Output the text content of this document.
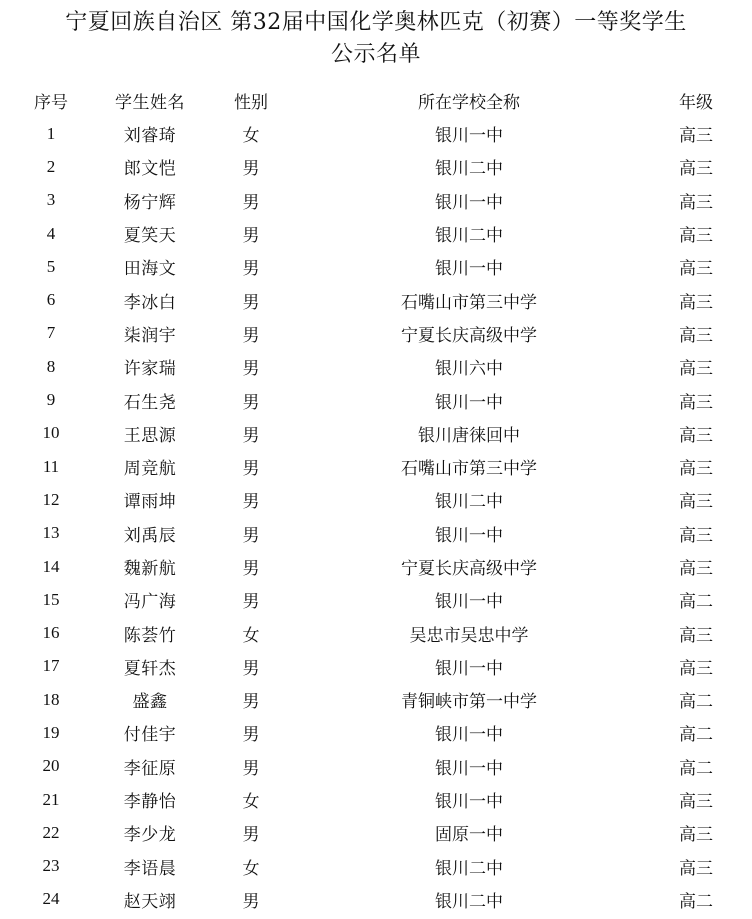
宁夏回族自治区 第32届中国化学奥林匹克（初赛）一等奖学生
公示名单
序号	学生姓名	性别	所在学校全称	年级
1	刘睿琦	女	银川一中	高三
2	郎文恺	男	银川二中	高三
3	杨宁辉	男	银川一中	高三
4	夏笑天	男	银川二中	高三
5	田海文	男	银川一中	高三
6	李冰白	男	石嘴山市第三中学	高三
7	柒润宇	男	宁夏长庆高级中学	高三
8	许家瑞	男	银川六中	高三
9	石生尧	男	银川一中	高三
10	王思源	男	银川唐徕回中	高三
11	周竞航	男	石嘴山市第三中学	高三
12	谭雨坤	男	银川二中	高三
13	刘禹辰	男	银川一中	高三
14	魏新航	男	宁夏长庆高级中学	高三
15	冯广海	男	银川一中	高二
16	陈荟竹	女	吴忠市吴忠中学	高三
17	夏轩杰	男	银川一中	高三
18	盛鑫	男	青铜峡市第一中学	高二
19	付佳宇	男	银川一中	高二
20	李征原	男	银川一中	高二
21	李静怡	女	银川一中	高三
22	李少龙	男	固原一中	高三
23	李语晨	女	银川二中	高三
24	赵天翊	男	银川二中	高二
